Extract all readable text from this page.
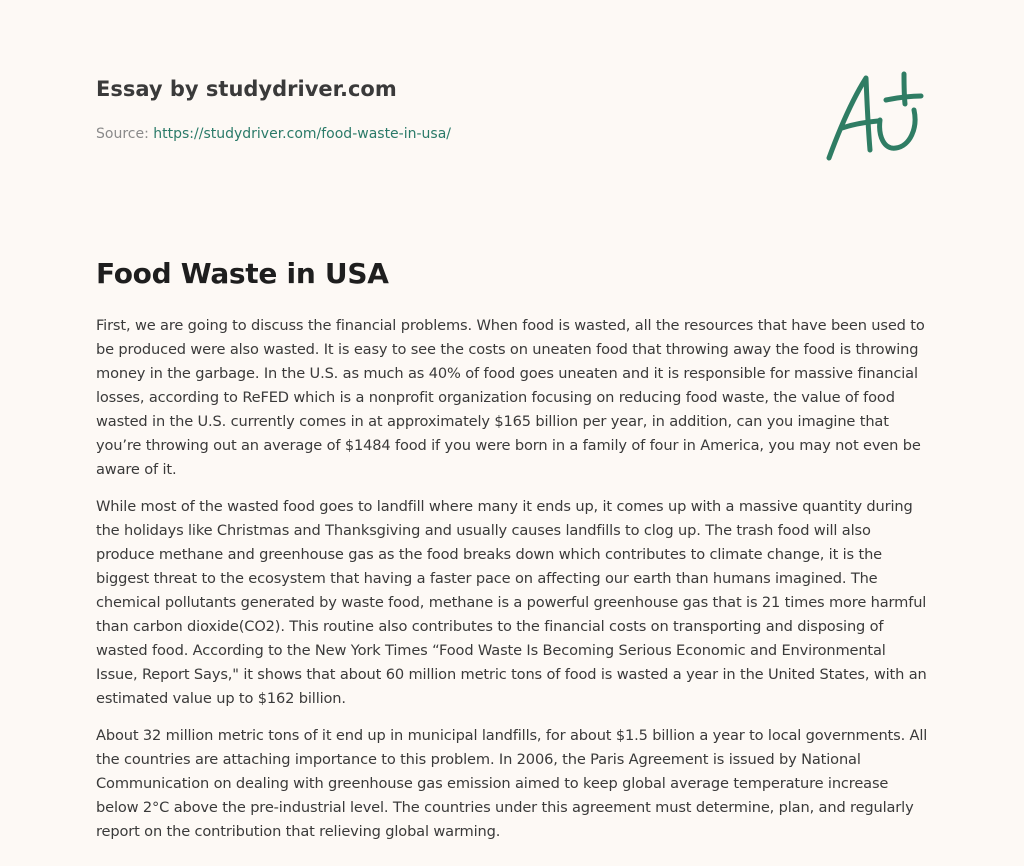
Essay by studydriver.com
Source: https://studydriver.com/food-waste-in-usa/
Food Waste in USA

First, we are going to discuss the financial problems. When food is wasted, all the resources that have been used to be produced were also wasted. It is easy to see the costs on uneaten food that throwing away the food is throwing money in the garbage. In the U.S. as much as 40% of food goes uneaten and it is responsible for massive financial losses, according to ReFED which is a nonprofit organization focusing on reducing food waste, the value of food wasted in the U.S. currently comes in at approximately $165 billion per year, in addition, can you imagine that you’re throwing out an average of $1484 food if you were born in a family of four in America, you may not even be aware of it.

While most of the wasted food goes to landfill where many it ends up, it comes up with a massive quantity during the holidays like Christmas and Thanksgiving and usually causes landfills to clog up. The trash food will also produce methane and greenhouse gas as the food breaks down which contributes to climate change, it is the biggest threat to the ecosystem that having a faster pace on affecting our earth than humans imagined. The chemical pollutants generated by waste food, methane is a powerful greenhouse gas that is 21 times more harmful than carbon dioxide(CO2). This routine also contributes to the financial costs on transporting and disposing of wasted food. According to the New York Times “Food Waste Is Becoming Serious Economic and Environmental Issue, Report Says," it shows that about 60 million metric tons of food is wasted a year in the United States, with an estimated value up to $162 billion.

About 32 million metric tons of it end up in municipal landfills, for about $1.5 billion a year to local governments. All the countries are attaching importance to this problem. In 2006, the Paris Agreement is issued by National Communication on dealing with greenhouse gas emission aimed to keep global average temperature increase below 2°C above the pre-industrial level. The countries under this agreement must determine, plan, and regularly report on the contribution that relieving global warming.
